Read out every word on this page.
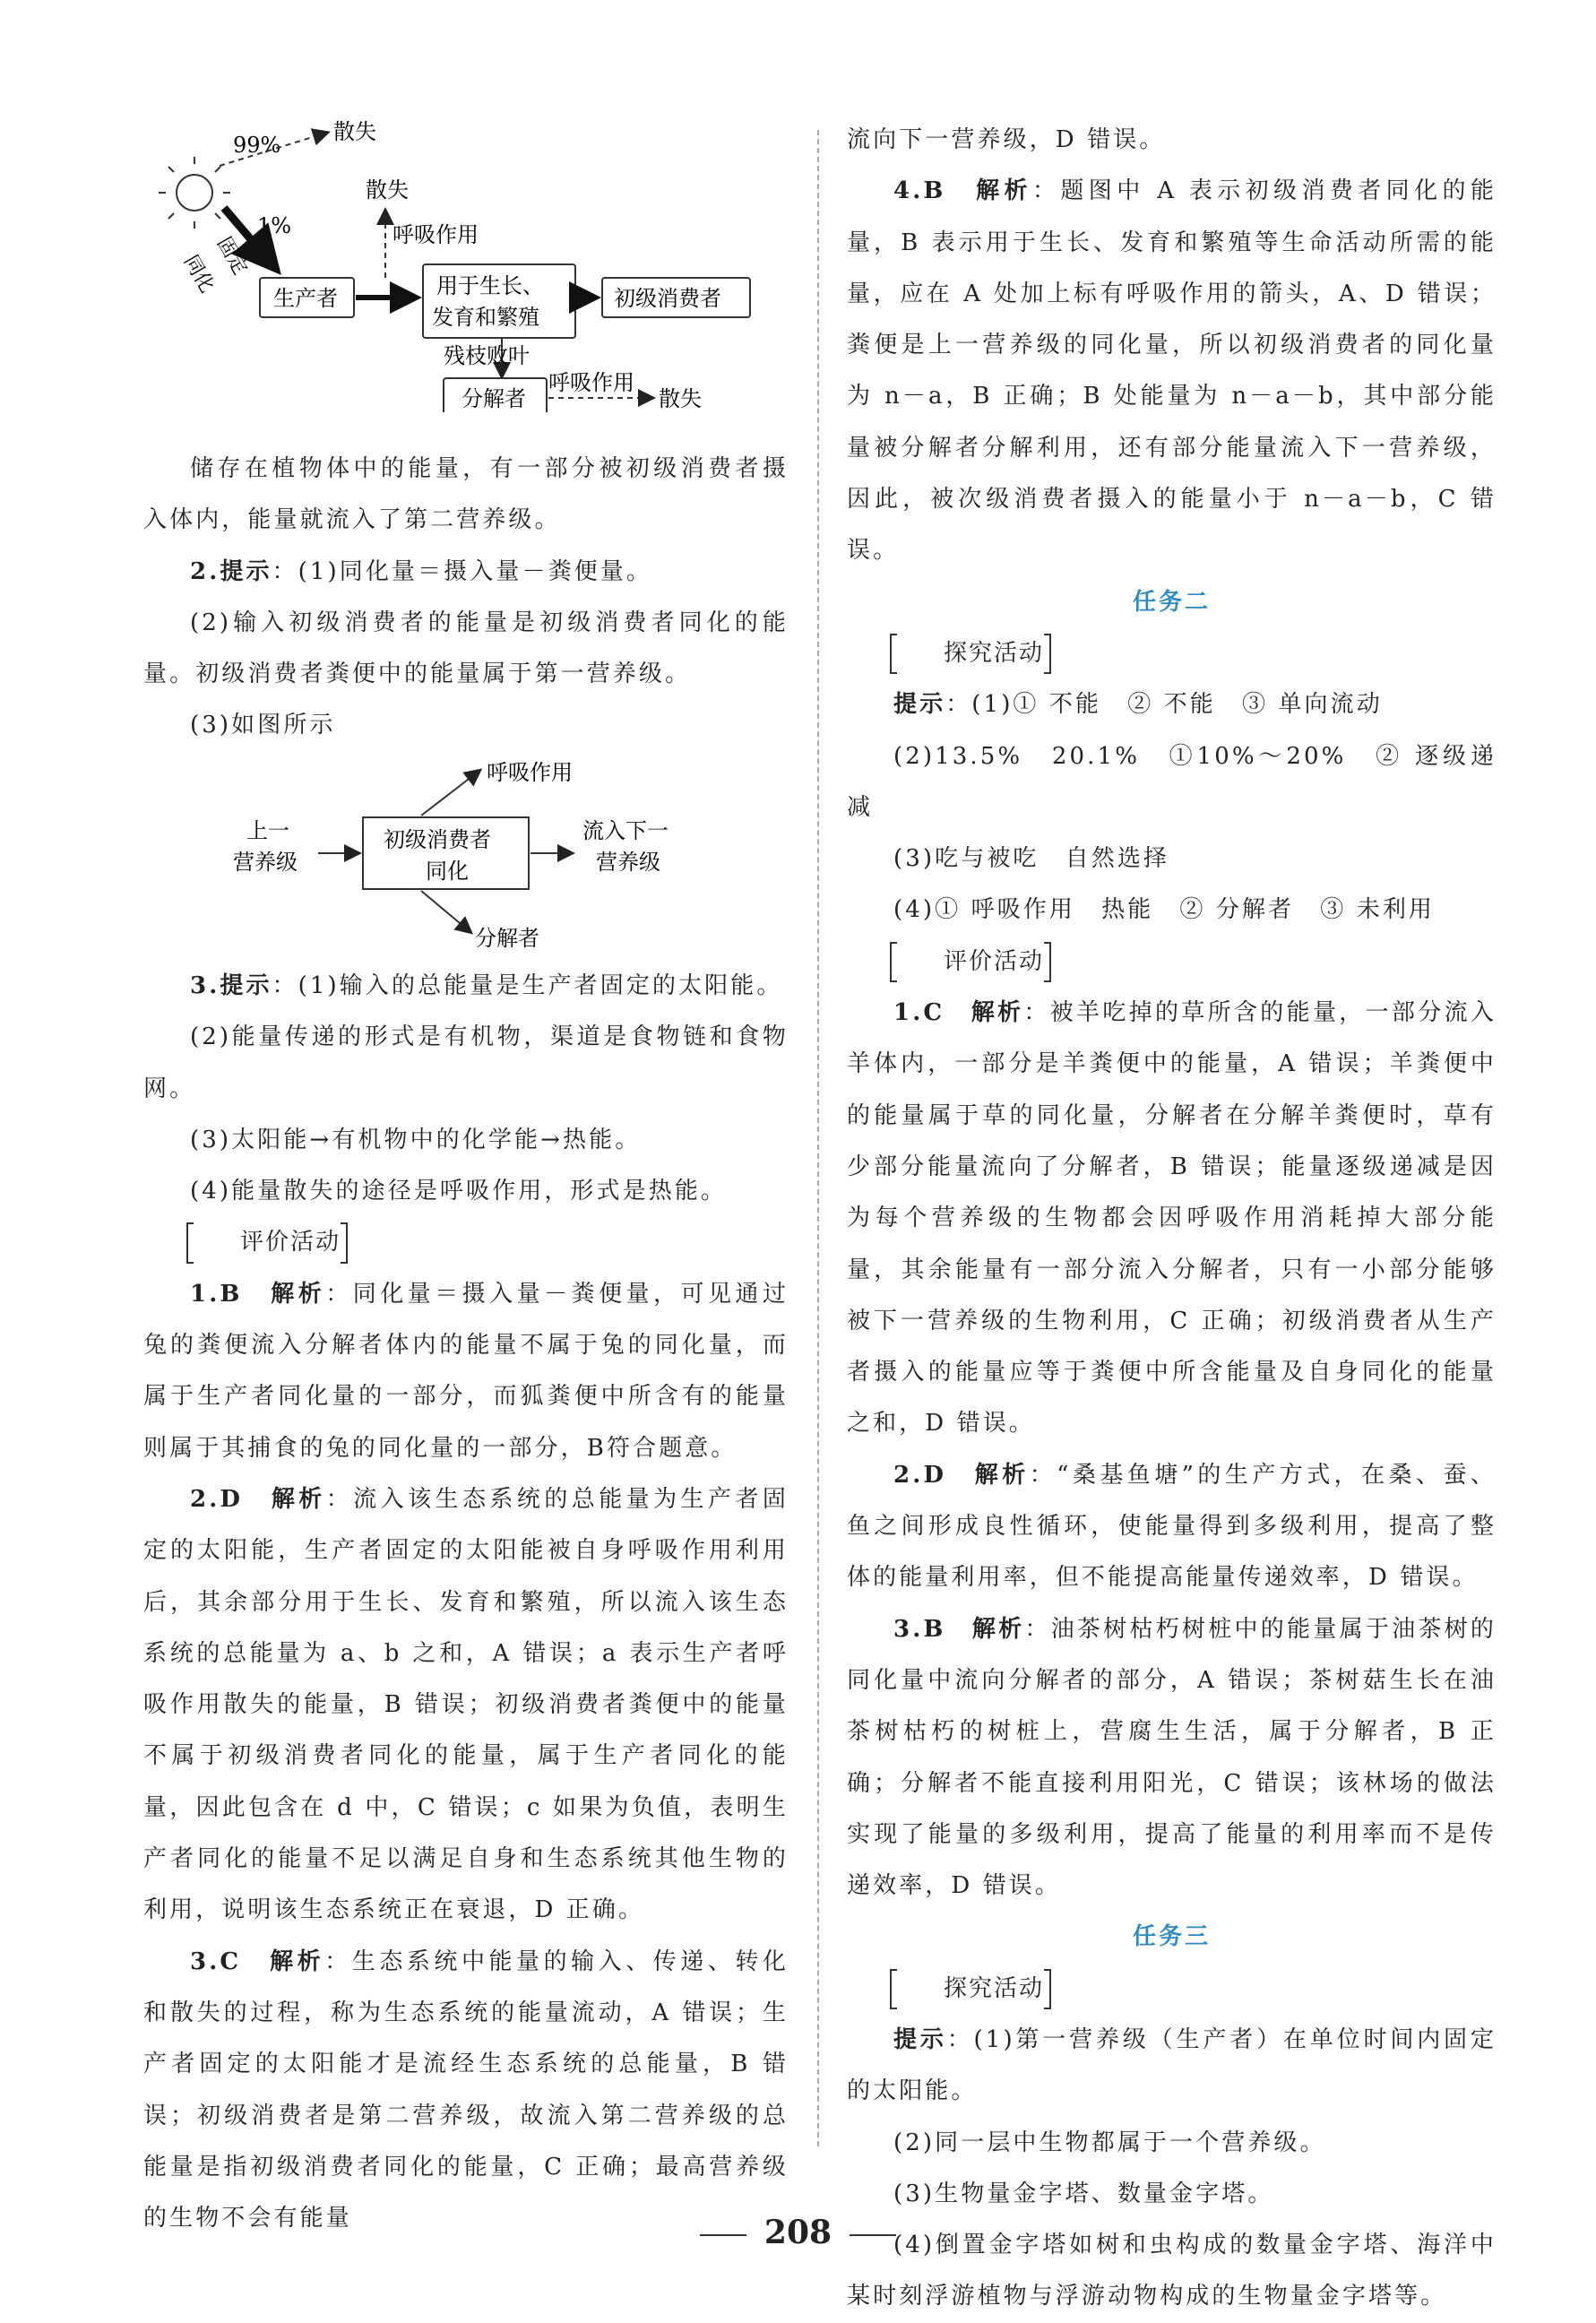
99%
散失
1%
固定
同化
生产者	用于生长、
发育和繁殖
初级消费者
散失
呼吸作用
残枝败叶
分解者
呼吸作用
散失

储存在植物体中的能量，有一部分被初级消费者摄入体内，能量就流入了第二营养级。

2.提示：(1)同化量＝摄入量－粪便量。

(2)输入初级消费者的能量是初级消费者同化的能量。初级消费者粪便中的能量属于第一营养级。

(3)如图所示

呼吸作用
上一
营养级
初级消费者
同化
流入下一
营养级
分解者

3.提示：(1)输入的总能量是生产者固定的太阳能。

(2)能量传递的形式是有机物，渠道是食物链和食物网。

(3)太阳能→有机物中的化学能→热能。

(4)能量散失的途径是呼吸作用，形式是热能。

评价活动

1.B　 解析：同化量＝摄入量－粪便量，可见通过兔的粪便流入分解者体内的能量不属于兔的同化量，而属于生产者同化量的一部分，而狐粪便中所含有的能量则属于其捕食的兔的同化量的一部分，B符合题意。

2.D　 解析：流入该生态系统的总能量为生产者固定的太阳能，生产者固定的太阳能被自身呼吸作用利用后，其余部分用于生长、发育和繁殖，所以流入该生态系统的总能量为 a、b 之和，A 错误；a 表示生产者呼吸作用散失的能量，B 错误；初级消费者粪便中的能量不属于初级消费者同化的能量，属于生产者同化的能量，因此包含在 d 中，C 错误；c 如果为负值，表明生产者同化的能量不足以满足自身和生态系统其他生物的利用，说明该生态系统正在衰退，D 正确。

3.C　 解析：生态系统中能量的输入、传递、转化和散失的过程，称为生态系统的能量流动，A 错误；生产者固定的太阳能才是流经生态系统的总能量，B 错误；初级消费者是第二营养级，故流入第二营养级的总能量是指初级消费者同化的能量，C 正确；最高营养级的生物不会有能量

流向下一营养级，D 错误。

4.B　 解析：题图中 A 表示初级消费者同化的能量，B 表示用于生长、发育和繁殖等生命活动所需的能量，应在 A 处加上标有呼吸作用的箭头，A、D 错误；粪便是上一营养级的同化量，所以初级消费者的同化量为 n－a，B 正确；B 处能量为 n－a－b，其中部分能量被分解者分解利用，还有部分能量流入下一营养级，因此，被次级消费者摄入的能量小于 n－a－b，C 错误。

任务二

探究活动

提示：(1)① 不能　② 不能　③ 单向流动

(2)13.5%　20.1%　①10%～20%　② 逐级递减

(3)吃与被吃　自然选择

(4)① 呼吸作用　热能　② 分解者　③ 未利用

评价活动

1.C　 解析：被羊吃掉的草所含的能量，一部分流入羊体内，一部分是羊粪便中的能量，A 错误；羊粪便中的能量属于草的同化量，分解者在分解羊粪便时，草有少部分能量流向了分解者，B 错误；能量逐级递减是因为每个营养级的生物都会因呼吸作用消耗掉大部分能量，其余能量有一部分流入分解者，只有一小部分能够被下一营养级的生物利用，C 正确；初级消费者从生产者摄入的能量应等于粪便中所含能量及自身同化的能量之和，D 错误。

2.D　 解析：“桑基鱼塘”的生产方式，在桑、蚕、鱼之间形成良性循环，使能量得到多级利用，提高了整体的能量利用率，但不能提高能量传递效率，D 错误。

3.B　 解析：油茶树枯朽树桩中的能量属于油茶树的同化量中流向分解者的部分，A 错误；茶树菇生长在油茶树枯朽的树桩上，营腐生生活，属于分解者，B 正确；分解者不能直接利用阳光，C 错误；该林场的做法实现了能量的多级利用，提高了能量的利用率而不是传递效率，D 错误。

任务三

探究活动

提示：(1)第一营养级（生产者）在单位时间内固定的太阳能。

(2)同一层中生物都属于一个营养级。

(3)生物量金字塔、数量金字塔。

(4)倒置金字塔如树和虫构成的数量金字塔、海洋中某时刻浮游植物与浮游动物构成的生物量金字塔等。

208
